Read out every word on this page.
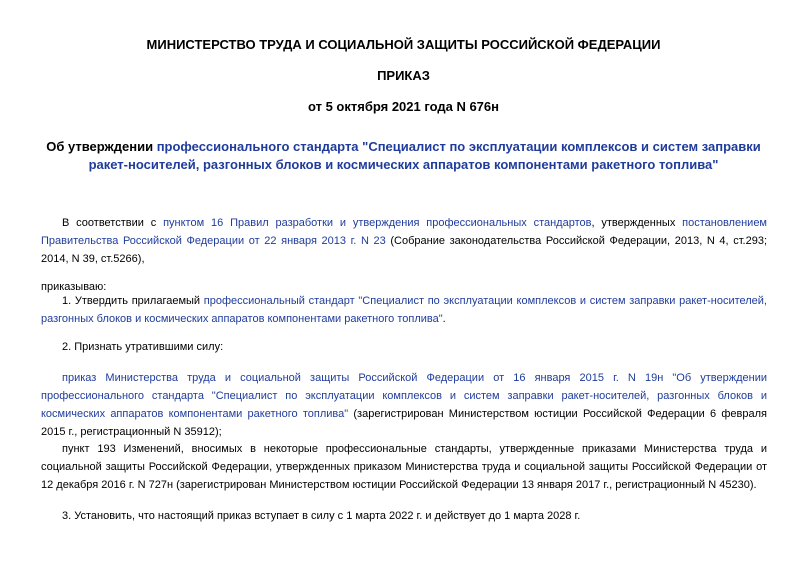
МИНИСТЕРСТВО ТРУДА И СОЦИАЛЬНОЙ ЗАЩИТЫ РОССИЙСКОЙ ФЕДЕРАЦИИ
ПРИКАЗ
от 5 октября 2021 года N 676н

Об утверждении профессионального стандарта "Специалист по эксплуатации комплексов и систем заправки ракет-носителей, разгонных блоков и космических аппаратов компонентами ракетного топлива"

В соответствии с пунктом 16 Правил разработки и утверждения профессиональных стандартов, утвержденных постановлением Правительства Российской Федерации от 22 января 2013 г. N 23 (Собрание законодательства Российской Федерации, 2013, N 4, ст.293; 2014, N 39, ст.5266),

приказываю:

1. Утвердить прилагаемый профессиональный стандарт "Специалист по эксплуатации комплексов и систем заправки ракет-носителей, разгонных блоков и космических аппаратов компонентами ракетного топлива".

2. Признать утратившими силу:

приказ Министерства труда и социальной защиты Российской Федерации от 16 января 2015 г. N 19н "Об утверждении профессионального стандарта "Специалист по эксплуатации комплексов и систем заправки ракет-носителей, разгонных блоков и космических аппаратов компонентами ракетного топлива" (зарегистрирован Министерством юстиции Российской Федерации 6 февраля 2015 г., регистрационный N 35912);

пункт 193 Изменений, вносимых в некоторые профессиональные стандарты, утвержденные приказами Министерства труда и социальной защиты Российской Федерации, утвержденных приказом Министерства труда и социальной защиты Российской Федерации от 12 декабря 2016 г. N 727н (зарегистрирован Министерством юстиции Российской Федерации 13 января 2017 г., регистрационный N 45230).

3. Установить, что настоящий приказ вступает в силу с 1 марта 2022 г. и действует до 1 марта 2028 г.
